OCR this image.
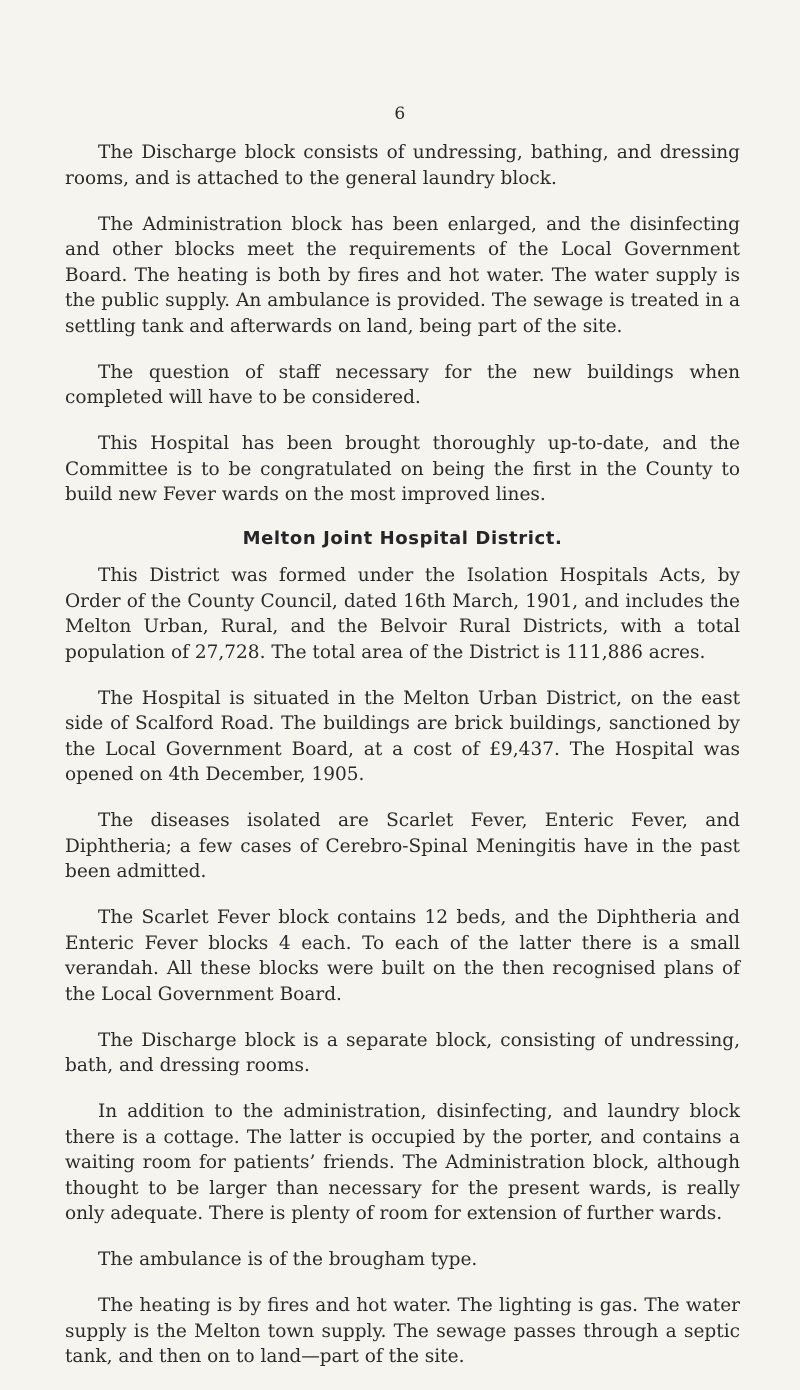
6

The Discharge block consists of undressing, bathing, and dressing rooms, and is attached to the general laundry block.

The Administration block has been enlarged, and the disinfecting and other blocks meet the requirements of the Local Government Board. The heating is both by fires and hot water. The water supply is the public supply. An ambulance is provided. The sewage is treated in a settling tank and afterwards on land, being part of the site.

The question of staff necessary for the new buildings when completed will have to be considered.

This Hospital has been brought thoroughly up-to-date, and the Committee is to be congratulated on being the first in the County to build new Fever wards on the most improved lines.

Melton Joint Hospital District.

This District was formed under the Isolation Hospitals Acts, by Order of the County Council, dated 16th March, 1901, and includes the Melton Urban, Rural, and the Belvoir Rural Districts, with a total population of 27,728. The total area of the District is 111,886 acres.

The Hospital is situated in the Melton Urban District, on the east side of Scalford Road. The buildings are brick buildings, sanctioned by the Local Government Board, at a cost of £9,437. The Hospital was opened on 4th December, 1905.

The diseases isolated are Scarlet Fever, Enteric Fever, and Diphtheria; a few cases of Cerebro-Spinal Meningitis have in the past been admitted.

The Scarlet Fever block contains 12 beds, and the Diphtheria and Enteric Fever blocks 4 each. To each of the latter there is a small verandah. All these blocks were built on the then recognised plans of the Local Government Board.

The Discharge block is a separate block, consisting of undressing, bath, and dressing rooms.

In addition to the administration, disinfecting, and laundry block there is a cottage. The latter is occupied by the porter, and contains a waiting room for patients’ friends. The Administration block, although thought to be larger than necessary for the present wards, is really only adequate. There is plenty of room for extension of further wards.

The ambulance is of the brougham type.

The heating is by fires and hot water. The lighting is gas. The water supply is the Melton town supply. The sewage passes through a septic tank, and then on to land—part of the site.
